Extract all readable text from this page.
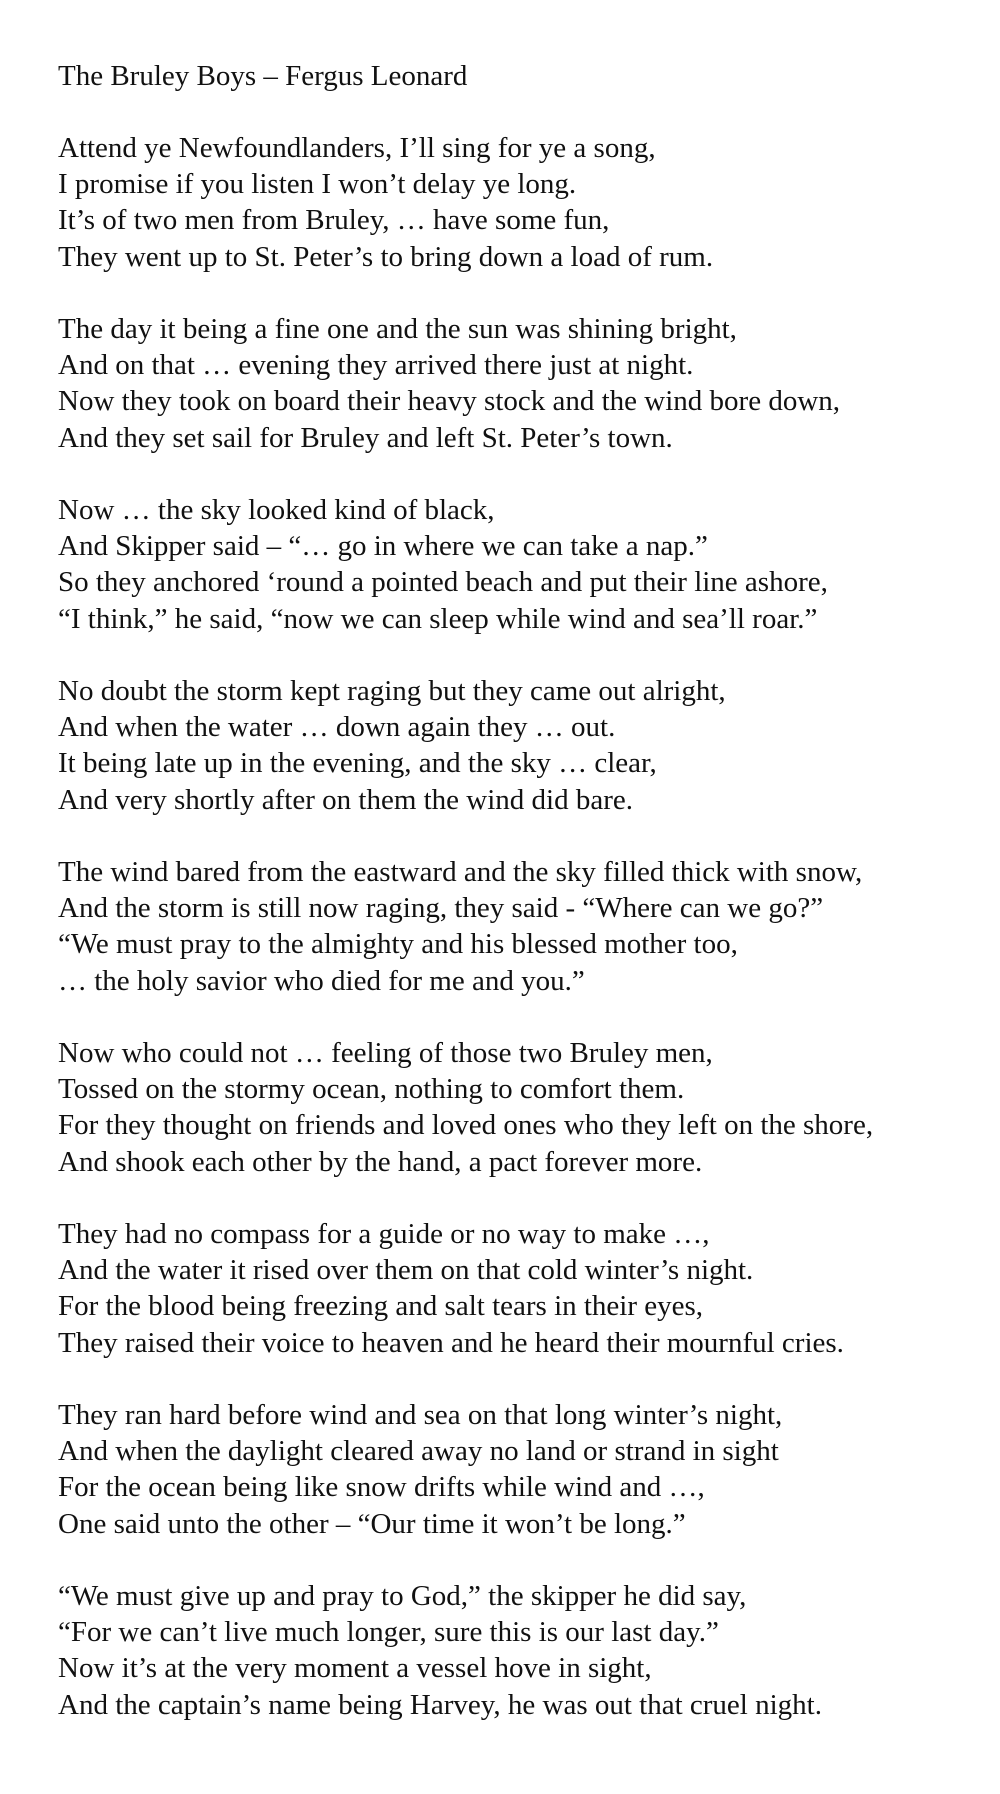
The Bruley Boys – Fergus Leonard
Attend ye Newfoundlanders, I’ll sing for ye a song,
I promise if you listen I won’t delay ye long.
It’s of two men from Bruley, … have some fun,
They went up to St. Peter’s to bring down a load of rum.
The day it being a fine one and the sun was shining bright,
And on that … evening they arrived there just at night.
Now they took on board their heavy stock and the wind bore down,
And they set sail for Bruley and left St. Peter’s town.
Now … the sky looked kind of black,
And Skipper said – “… go in where we can take a nap.”
So they anchored ‘round a pointed beach and put their line ashore,
“I think,” he said, “now we can sleep while wind and sea’ll roar.”
No doubt the storm kept raging but they came out alright,
And when the water … down again they … out.
It being late up in the evening, and the sky … clear,
And very shortly after on them the wind did bare.
The wind bared from the eastward and the sky filled thick with snow,
And the storm is still now raging, they said - “Where can we go?”
“We must pray to the almighty and his blessed mother too,
… the holy savior who died for me and you.”
Now who could not … feeling of those two Bruley men,
Tossed on the stormy ocean, nothing to comfort them.
For they thought on friends and loved ones who they left on the shore,
And shook each other by the hand, a pact forever more.
They had no compass for a guide or no way to make …,
And the water it rised over them on that cold winter’s night.
For the blood being freezing and salt tears in their eyes,
They raised their voice to heaven and he heard their mournful cries.
They ran hard before wind and sea on that long winter’s night,
And when the daylight cleared away no land or strand in sight
For the ocean being like snow drifts while wind and …,
One said unto the other – “Our time it won’t be long.”
“We must give up and pray to God,” the skipper he did say,
“For we can’t live much longer, sure this is our last day.”
Now it’s at the very moment a vessel hove in sight,
And the captain’s name being Harvey, he was out that cruel night.
